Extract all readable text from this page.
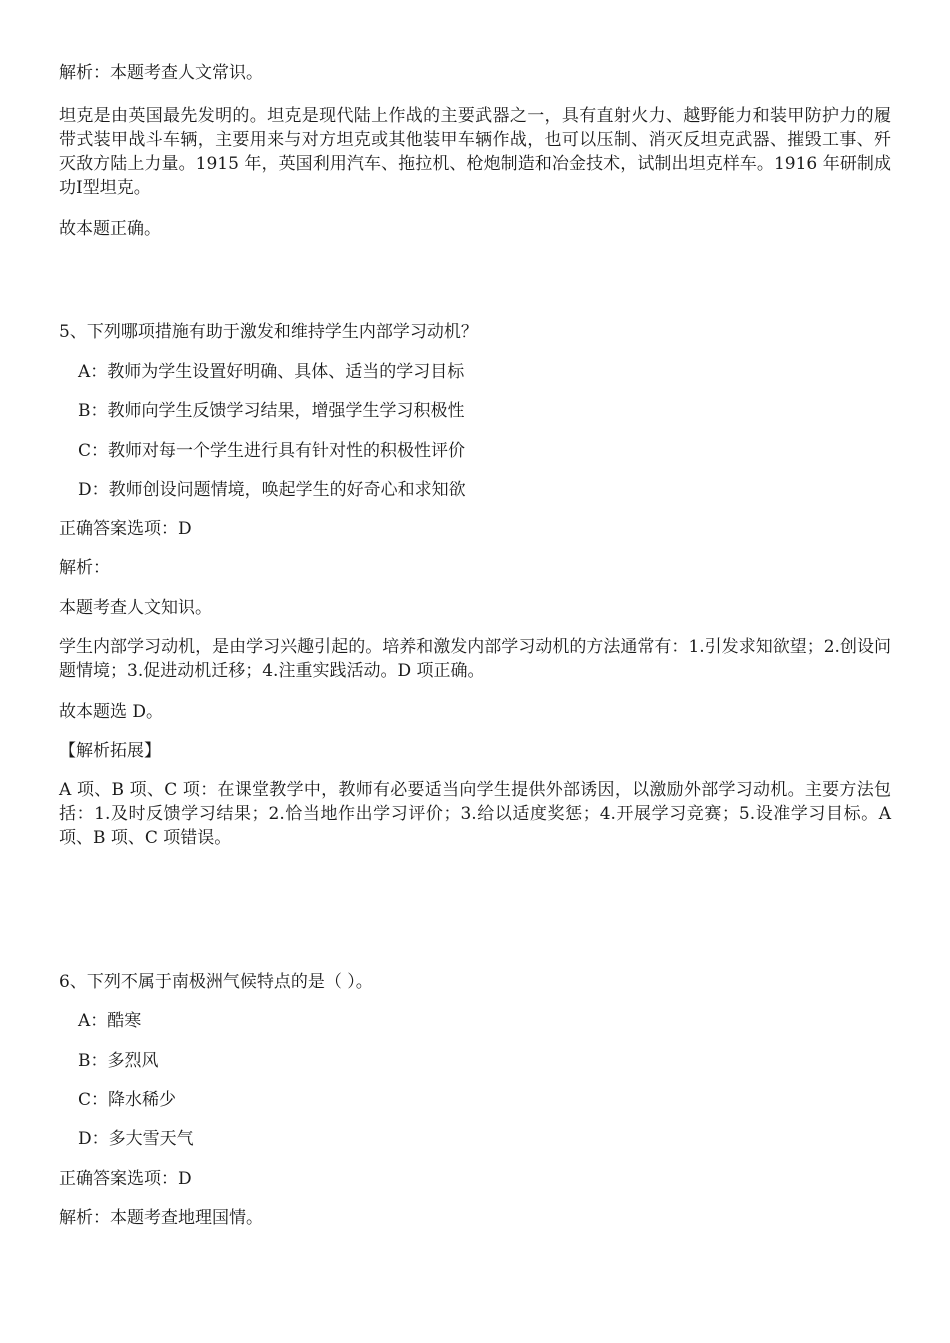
解析：本题考查人文常识。
坦克是由英国最先发明的。坦克是现代陆上作战的主要武器之一，具有直射火力、越野能力和装甲防护力的履带式装甲战斗车辆，主要用来与对方坦克或其他装甲车辆作战，也可以压制、消灭反坦克武器、摧毁工事、歼灭敌方陆上力量。1915 年，英国利用汽车、拖拉机、枪炮制造和冶金技术，试制出坦克样车。1916 年研制成功Ⅰ型坦克。
故本题正确。
5、下列哪项措施有助于激发和维持学生内部学习动机？
A：教师为学生设置好明确、具体、适当的学习目标
B：教师向学生反馈学习结果，增强学生学习积极性
C：教师对每一个学生进行具有针对性的积极性评价
D：教师创设问题情境，唤起学生的好奇心和求知欲
正确答案选项：D
解析：
本题考查人文知识。
学生内部学习动机，是由学习兴趣引起的。培养和激发内部学习动机的方法通常有：1.引发求知欲望；2.创设问题情境；3.促进动机迁移；4.注重实践活动。D 项正确。
故本题选 D。
【解析拓展】
A 项、B 项、C 项：在课堂教学中，教师有必要适当向学生提供外部诱因，以激励外部学习动机。主要方法包括：1.及时反馈学习结果；2.恰当地作出学习评价；3.给以适度奖惩；4.开展学习竞赛；5.设准学习目标。A 项、B 项、C 项错误。
6、下列不属于南极洲气候特点的是（ ）。
A：酷寒
B：多烈风
C：降水稀少
D：多大雪天气
正确答案选项：D
解析：本题考查地理国情。
